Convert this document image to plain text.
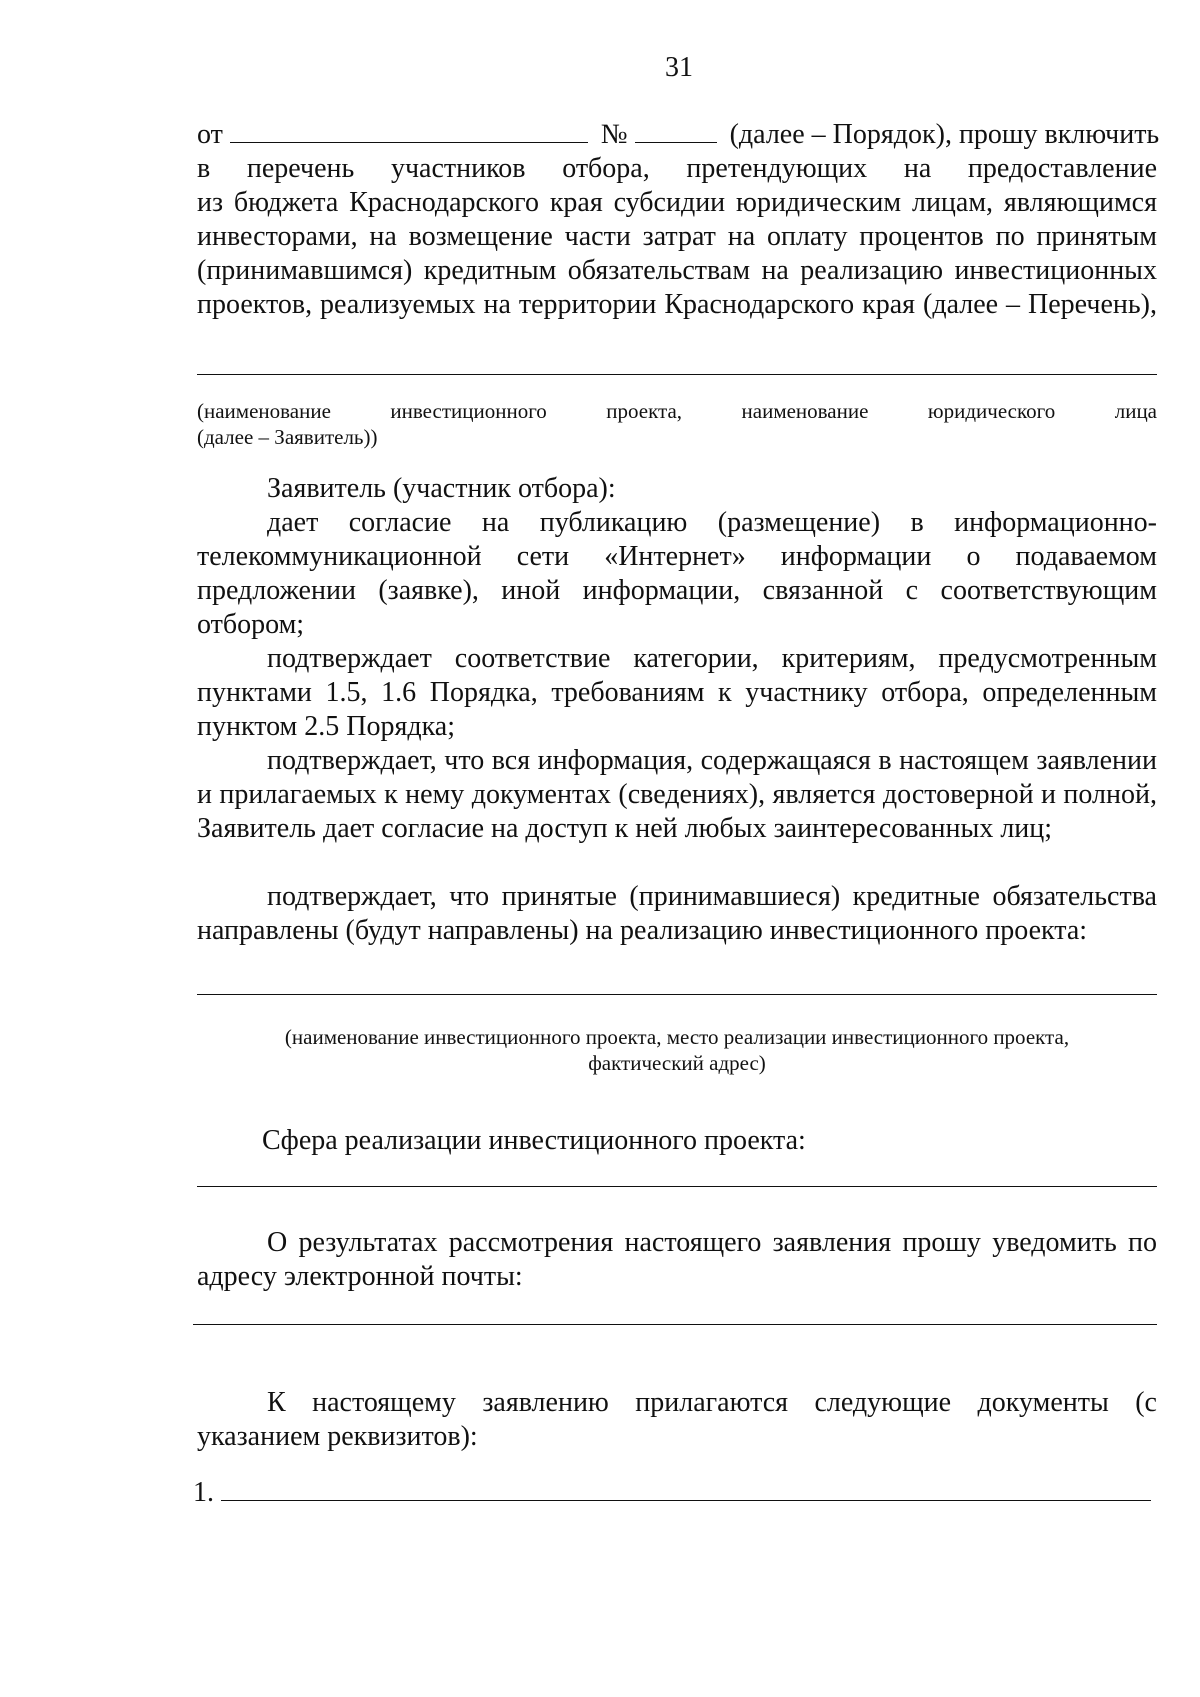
31
от	№	(далее – Порядок), прошу включить
в перечень участников отбора, претендующих на предоставление
из бюджета Краснодарского края субсидии юридическим лицам, являющимся
инвесторами, на возмещение части затрат на оплату процентов по принятым
(принимавшимся) кредитным обязательствам на реализацию инвестиционных
проектов, реализуемых на территории Краснодарского края (далее – Перечень),
(наименование инвестиционного проекта, наименование юридического лица
(далее – Заявитель))
Заявитель (участник отбора):
дает согласие на публикацию (размещение) в информационно-телекоммуникационной сети «Интернет» информации о подаваемом предложении (заявке), иной информации, связанной с соответствующим отбором;
подтверждает соответствие категории, критериям, предусмотренным пунктами 1.5, 1.6 Порядка, требованиям к участнику отбора, определенным пунктом 2.5 Порядка;
подтверждает, что вся информация, содержащаяся в настоящем заявлении и прилагаемых к нему документах (сведениях), является достоверной и полной, Заявитель дает согласие на доступ к ней любых заинтересованных лиц;
подтверждает, что принятые (принимавшиеся) кредитные обязательства направлены (будут направлены) на реализацию инвестиционного проекта:
(наименование инвестиционного проекта, место реализации инвестиционного проекта,
фактический адрес)
Сфера реализации инвестиционного проекта:
О результатах рассмотрения настоящего заявления прошу уведомить по адресу электронной почты:
К настоящему заявлению прилагаются следующие документы (с указанием реквизитов):
1.
